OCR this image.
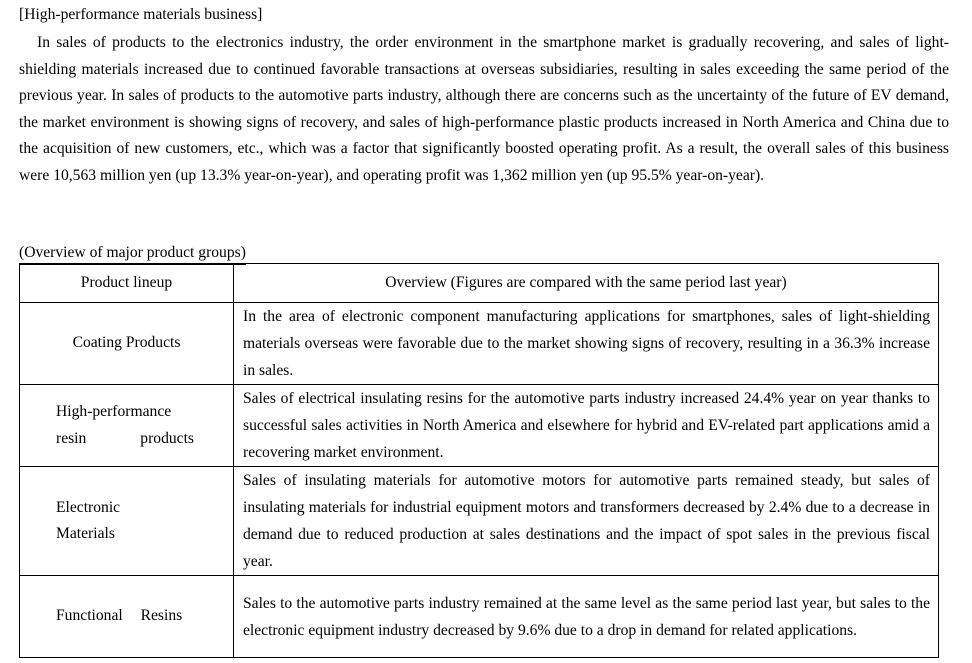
[High-performance materials business]

In sales of products to the electronics industry, the order environment in the smartphone market is gradually recovering, and sales of light-shielding materials increased due to continued favorable transactions at overseas subsidiaries, resulting in sales exceeding the same period of the previous year. In sales of products to the automotive parts industry, although there are concerns such as the uncertainty of the future of EV demand, the market environment is showing signs of recovery, and sales of high-performance plastic products increased in North America and China due to the acquisition of new customers, etc., which was a factor that significantly boosted operating profit. As a result, the overall sales of this business were 10,563 million yen (up 13.3% year-on-year), and operating profit was 1,362 million yen (up 95.5% year-on-year).

(Overview of major product groups)
Product lineup	Overview (Figures are compared with the same period last year)
Coating Products	In the area of electronic component manufacturing applications for smartphones, sales of light-shielding materials overseas were favorable due to the market showing signs of recovery, resulting in a 36.3% increase in sales.

High-performance resin products	Sales of electrical insulating resins for the automotive parts industry increased 24.4% year on year thanks to successful sales activities in North America and elsewhere for hybrid and EV-related part applications amid a recovering market environment.

Electronic Materials	Sales of insulating materials for automotive motors for automotive parts remained steady, but sales of insulating materials for industrial equipment motors and transformers decreased by 2.4% due to a decrease in demand due to reduced production at sales destinations and the impact of spot sales in the previous fiscal year.
Functional Resins	Sales to the automotive parts industry remained at the same level as the same period last year, but sales to the electronic equipment industry decreased by 9.6% due to a drop in demand for related applications.
